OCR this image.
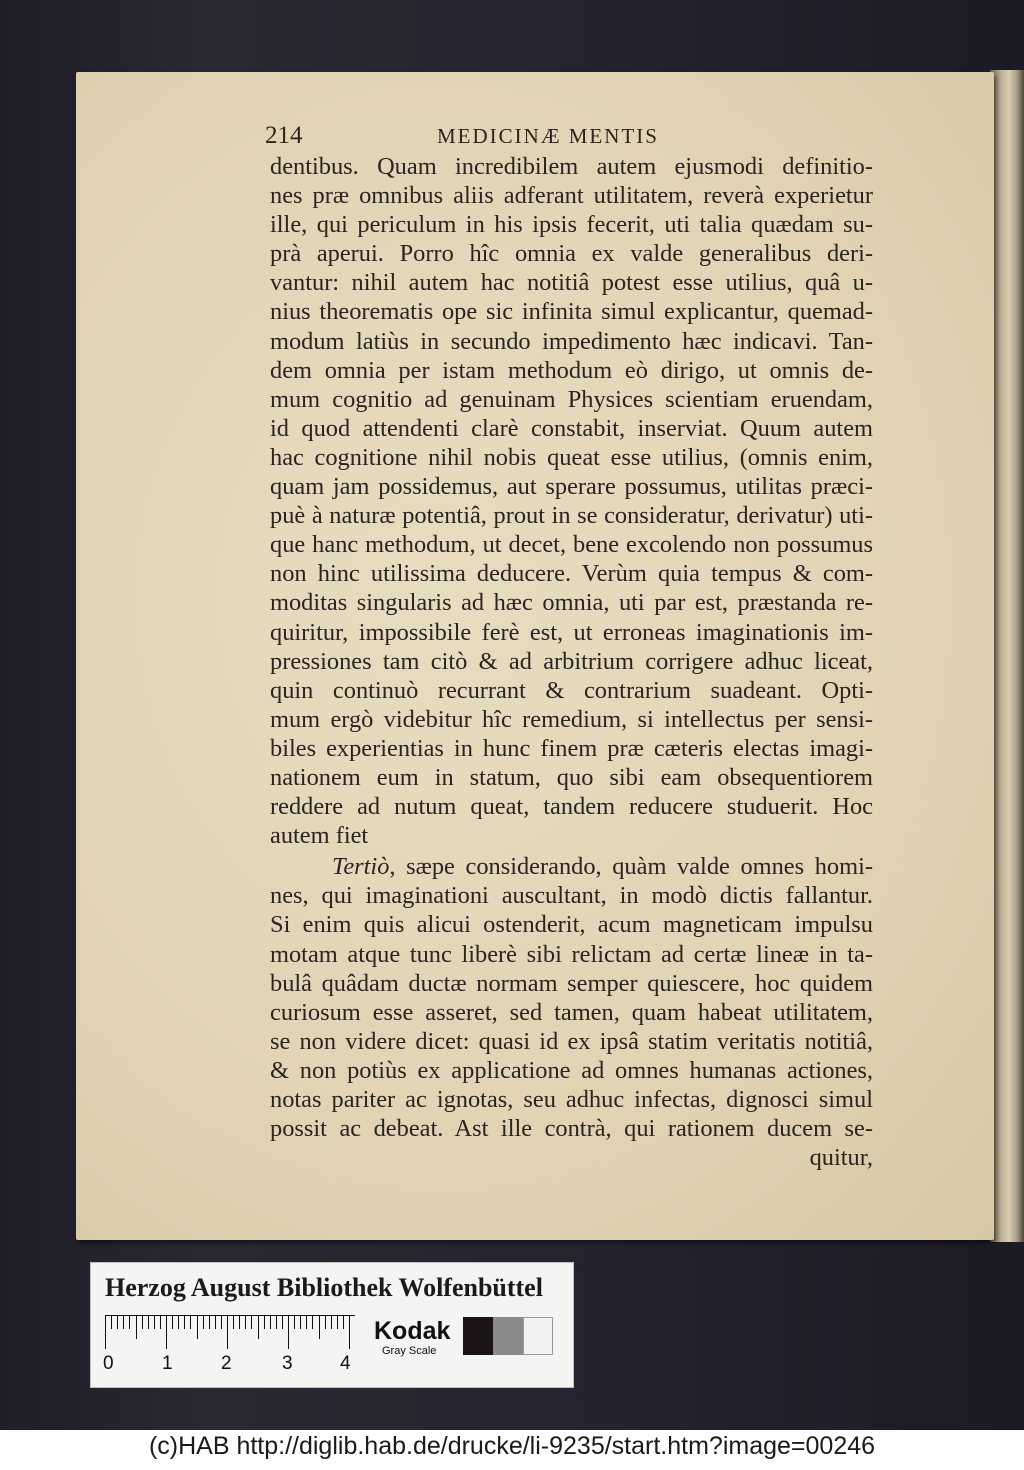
214	MEDICINÆ MENTIS
dentibus. Quam incredibilem autem ejusmodi definitio-
nes præ omnibus aliis adferant utilitatem, reverà experietur
ille, qui periculum in his ipsis fecerit, uti talia quædam su-
prà aperui. Porro hîc omnia ex valde generalibus deri-
vantur: nihil autem hac notitiâ potest esse utilius, quâ u-
nius theorematis ope sic infinita simul explicantur, quemad-
modum latiùs in secundo impedimento hæc indicavi. Tan-
dem omnia per istam methodum eò dirigo, ut omnis de-
mum cognitio ad genuinam Physices scientiam eruendam,
id quod attendenti clarè constabit, inserviat. Quum autem
hac cognitione nihil nobis queat esse utilius, (omnis enim,
quam jam possidemus, aut sperare possumus, utilitas præci-
puè à naturæ potentiâ, prout in se consideratur, derivatur) uti-
que hanc methodum, ut decet, bene excolendo non possumus
non hinc utilissima deducere. Verùm quia tempus & com-
moditas singularis ad hæc omnia, uti par est, præstanda re-
quiritur, impossibile ferè est, ut erroneas imaginationis im-
pressiones tam citò & ad arbitrium corrigere adhuc liceat,
quin continuò recurrant & contrarium suadeant. Opti-
mum ergò videbitur hîc remedium, si intellectus per sensi-
biles experientias in hunc finem præ cæteris electas imagi-
nationem eum in statum, quo sibi eam obsequentiorem
reddere ad nutum queat, tandem reducere studuerit. Hoc
autem fiet
Tertiò, sæpe considerando, quàm valde omnes homi-
nes, qui imaginationi auscultant, in modò dictis fallantur.
Si enim quis alicui ostenderit, acum magneticam impulsu
motam atque tunc liberè sibi relictam ad certæ lineæ in ta-
bulâ quâdam ductæ normam semper quiescere, hoc quidem
curiosum esse asseret, sed tamen, quam habeat utilitatem,
se non videre dicet: quasi id ex ipsâ statim veritatis notitiâ,
& non potiùs ex applicatione ad omnes humanas actiones,
notas pariter ac ignotas, seu adhuc infectas, dignosci simul
possit ac debeat. Ast ille contrà, qui rationem ducem se-
quitur,
Herzog August Bibliothek Wolfenbüttel
0	1	2	3 4
Kodak
Gray Scale
(c)HAB http://diglib.hab.de/drucke/li-9235/start.htm?image=00246
